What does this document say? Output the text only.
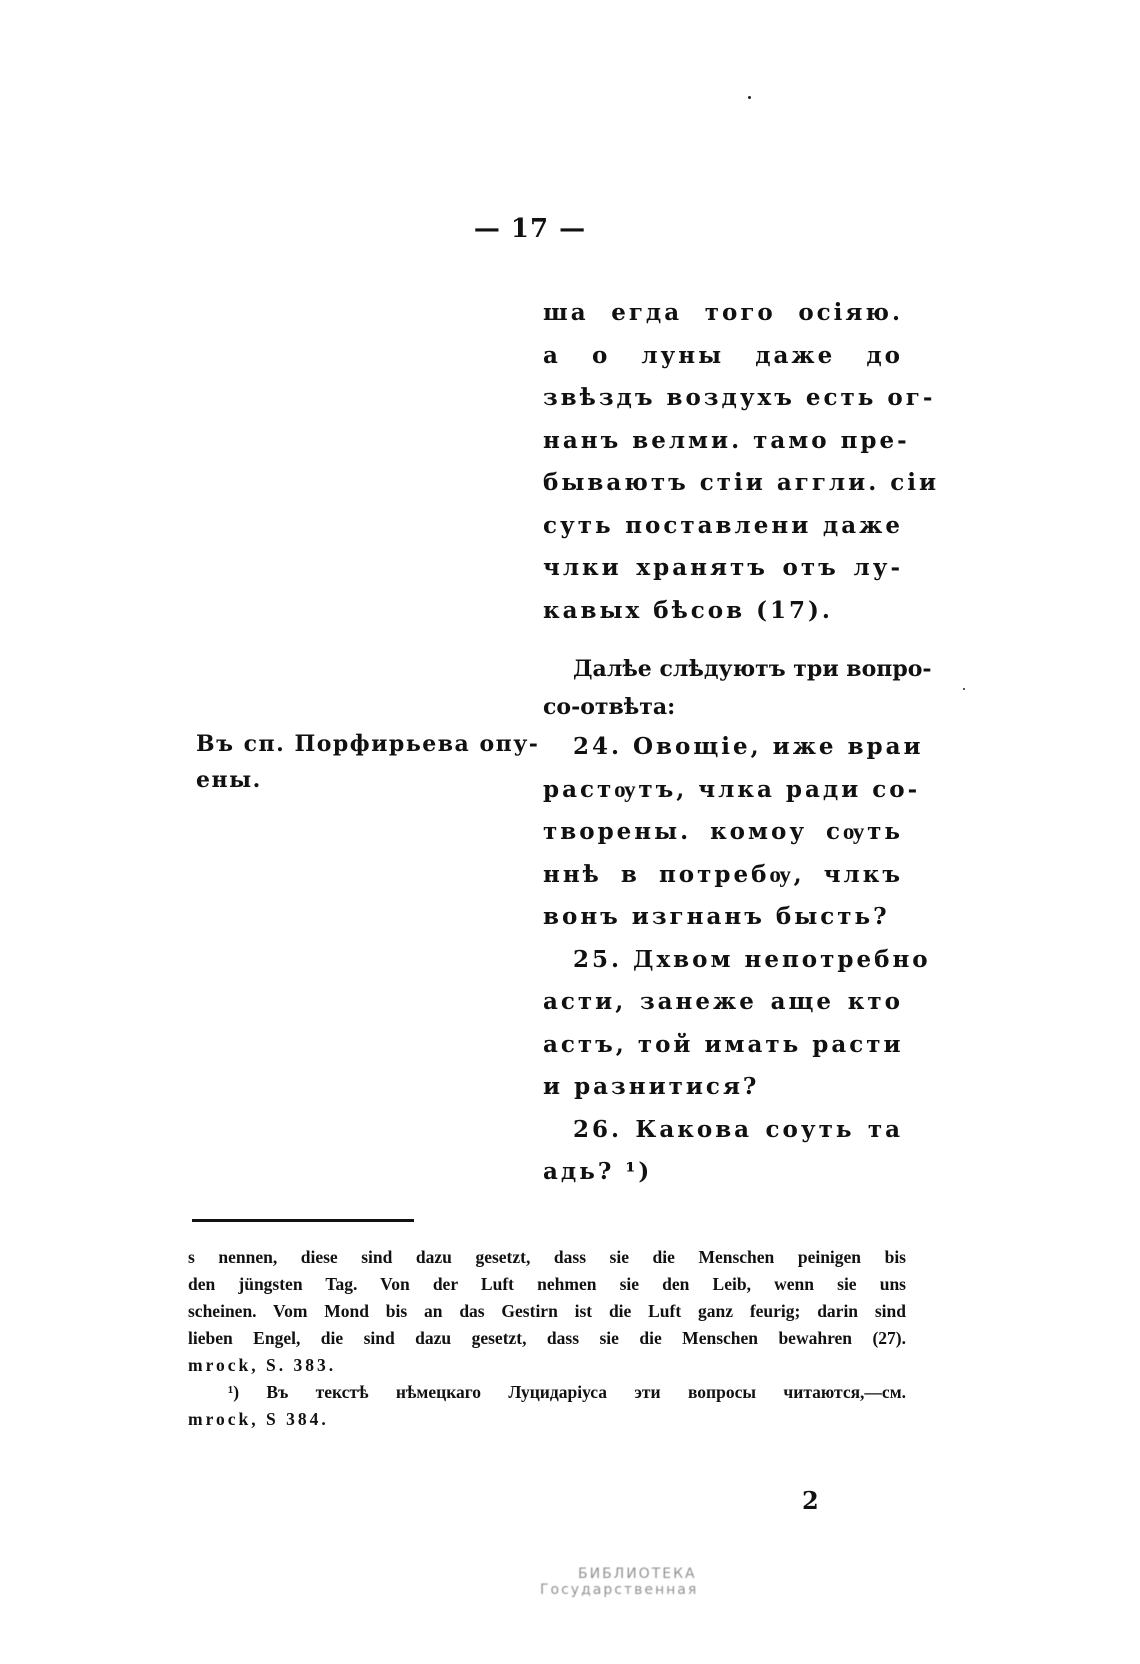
— 17 —
ша егда того осiяю.
а о луны даже до
звѣздъ воздухъ есть ог-
нанъ велми. тамо пре-
бываютъ стiи аггли. сiи
суть поставлени даже
члки хранятъ отъ лу-
кавых бѣсов (17).
Далѣе слѣдуютъ три вопро-
со-отвѣта:
24. Овощiе, иже враи
растѹтъ, члка ради со-
творены. комоу сѹть
ннѣ в потребѹ, члкъ
вонъ изгнанъ бысть?
25. Дхвом непотребно
асти, занеже аще кто
астъ, той имать расти
и разнитися?
26. Какова соуть та
адь? ¹)
Въ сп. Порфирьева опу-
ены.
s nennen, diese sind dazu gesetzt, dass sie die Menschen peinigen bis
den jüngsten Tag. Von der Luft nehmen sie den Leib, wenn sie uns
scheinen. Vom Mond bis an das Gestirn ist die Luft ganz feurig; darin sind
lieben Engel, die sind dazu gesetzt, dass sie die Menschen bewahren (27).
mrock, S. 383.
¹) Въ текстѣ нѣмецкаго Луцидарiуса эти вопросы читаются,—см.
mrock, S 384.
2
БИБЛИОТЕКА
Государственная
